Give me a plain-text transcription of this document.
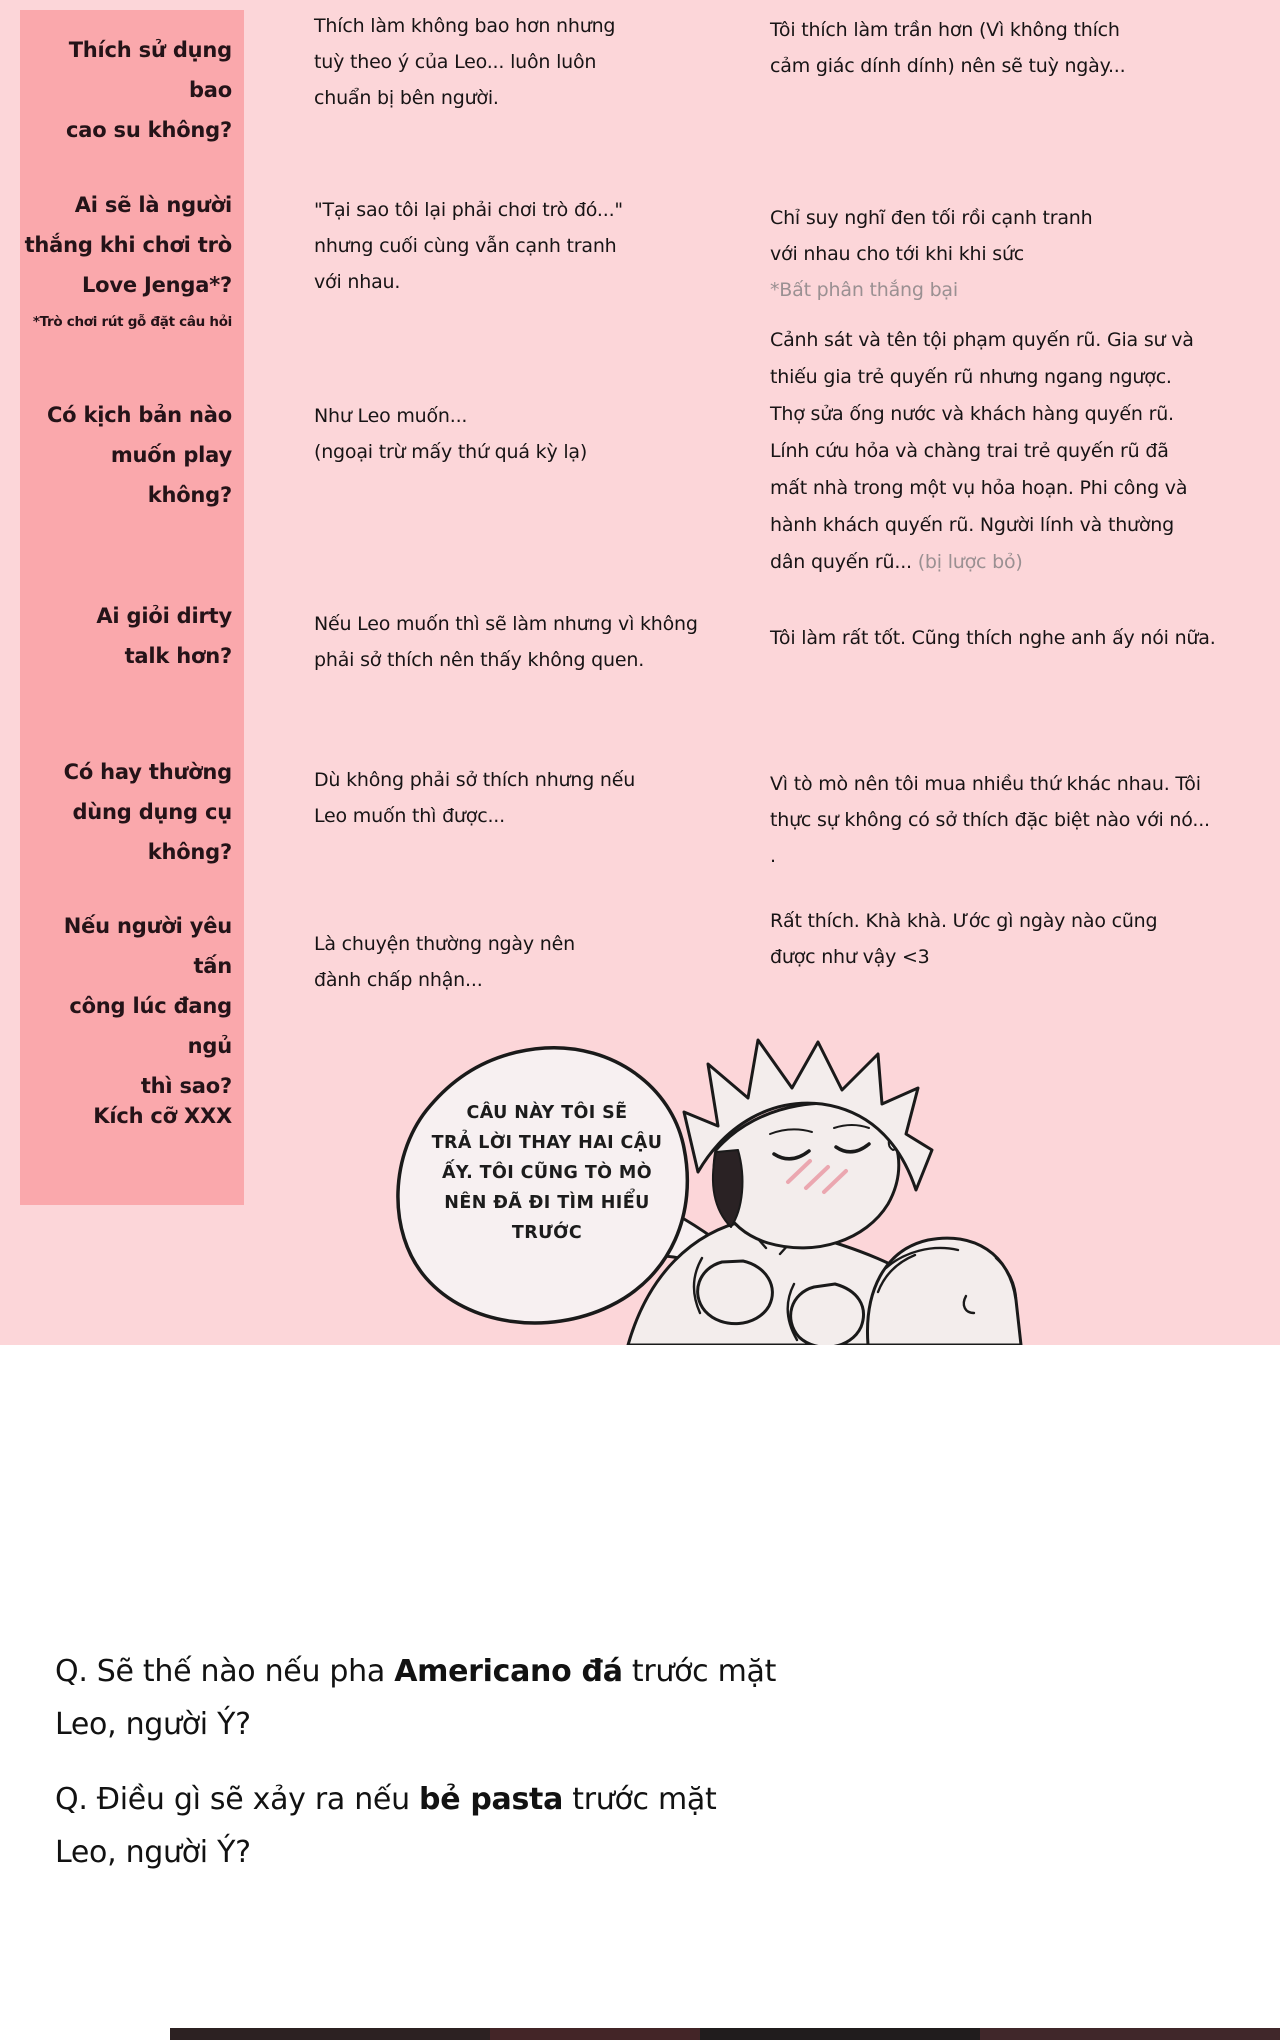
Thích sử dụng bao
cao su không?
Ai sẽ là người
thắng khi chơi trò
Love Jenga*?
*Trò chơi rút gỗ đặt câu hỏi
Có kịch bản nào
muốn play không?
Ai giỏi dirty
talk hơn?
Có hay thường
dùng dụng cụ
không?
Nếu người yêu tấn
công lúc đang ngủ
thì sao?
Kích cỡ XXX
Thích làm không bao hơn nhưng
tuỳ theo ý của Leo... luôn luôn
chuẩn bị bên người.
"Tại sao tôi lại phải chơi trò đó..."
nhưng cuối cùng vẫn cạnh tranh
với nhau.
Như Leo muốn...
(ngoại trừ mấy thứ quá kỳ lạ)
Nếu Leo muốn thì sẽ làm nhưng vì không
phải sở thích nên thấy không quen.
Dù không phải sở thích nhưng nếu
Leo muốn thì được...
Là chuyện thường ngày nên
đành chấp nhận...
Tôi thích làm trần hơn (Vì không thích
cảm giác dính dính) nên sẽ tuỳ ngày...
Chỉ suy nghĩ đen tối rồi cạnh tranh
với nhau cho tới khi khi sức
*Bất phân thắng bại
Cảnh sát và tên tội phạm quyến rũ. Gia sư và
thiếu gia trẻ quyến rũ nhưng ngang ngược.
Thợ sửa ống nước và khách hàng quyến rũ.
Lính cứu hỏa và chàng trai trẻ quyến rũ đã
mất nhà trong một vụ hỏa hoạn. Phi công và
hành khách quyến rũ. Người lính và thường
dân quyến rũ... (bị lược bỏ)
Tôi làm rất tốt. Cũng thích nghe anh ấy nói nữa.
Vì tò mò nên tôi mua nhiều thứ khác nhau. Tôi
thực sự không có sở thích đặc biệt nào với nó...
.
Rất thích. Khà khà. Ước gì ngày nào cũng
được như vậy <3
CÂU NÀY TÔI SẼ
TRẢ LỜI THAY HAI CẬU
ẤY. TÔI CŨNG TÒ MÒ
NÊN ĐÃ ĐI TÌM HIỂU
TRƯỚC
Q. Sẽ thế nào nếu pha Americano đá trước mặt
Leo, người Ý?
Q. Điều gì sẽ xảy ra nếu bẻ pasta trước mặt
Leo, người Ý?
